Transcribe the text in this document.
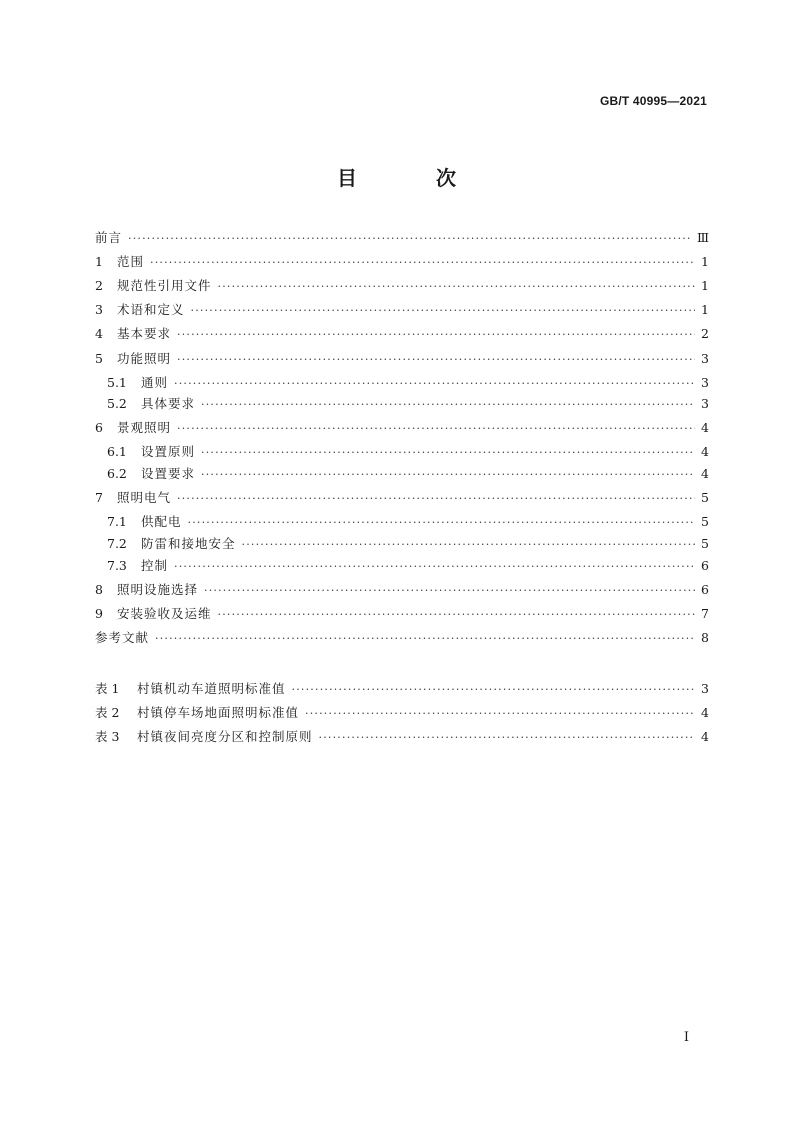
GB/T 40995—2021
目 次
前言 ·····	Ⅲ
1	范围 ·····	1
2	规范性引用文件 ·····	1
3	术语和定义 ·····	1
4	基本要求 ·····	2
5	功能照明 ·····	3
5.1	通则 ·····	3
5.2	具体要求 ·····	3
6	景观照明 ·····	4
6.1	设置原则 ·····	4
6.2	设置要求 ·····	4
7	照明电气 ·····	5
7.1	供配电 ·····	5
7.2	防雷和接地安全 ·····	5
7.3	控制 ·····	6
8	照明设施选择 ·····	6
9	安装验收及运维 ·····	7
参考文献 ·····	8
表 1	村镇机动车道照明标准值 ·····	3
表 2	村镇停车场地面照明标准值 ·····	4
表 3	村镇夜间亮度分区和控制原则 ·····	4
I
